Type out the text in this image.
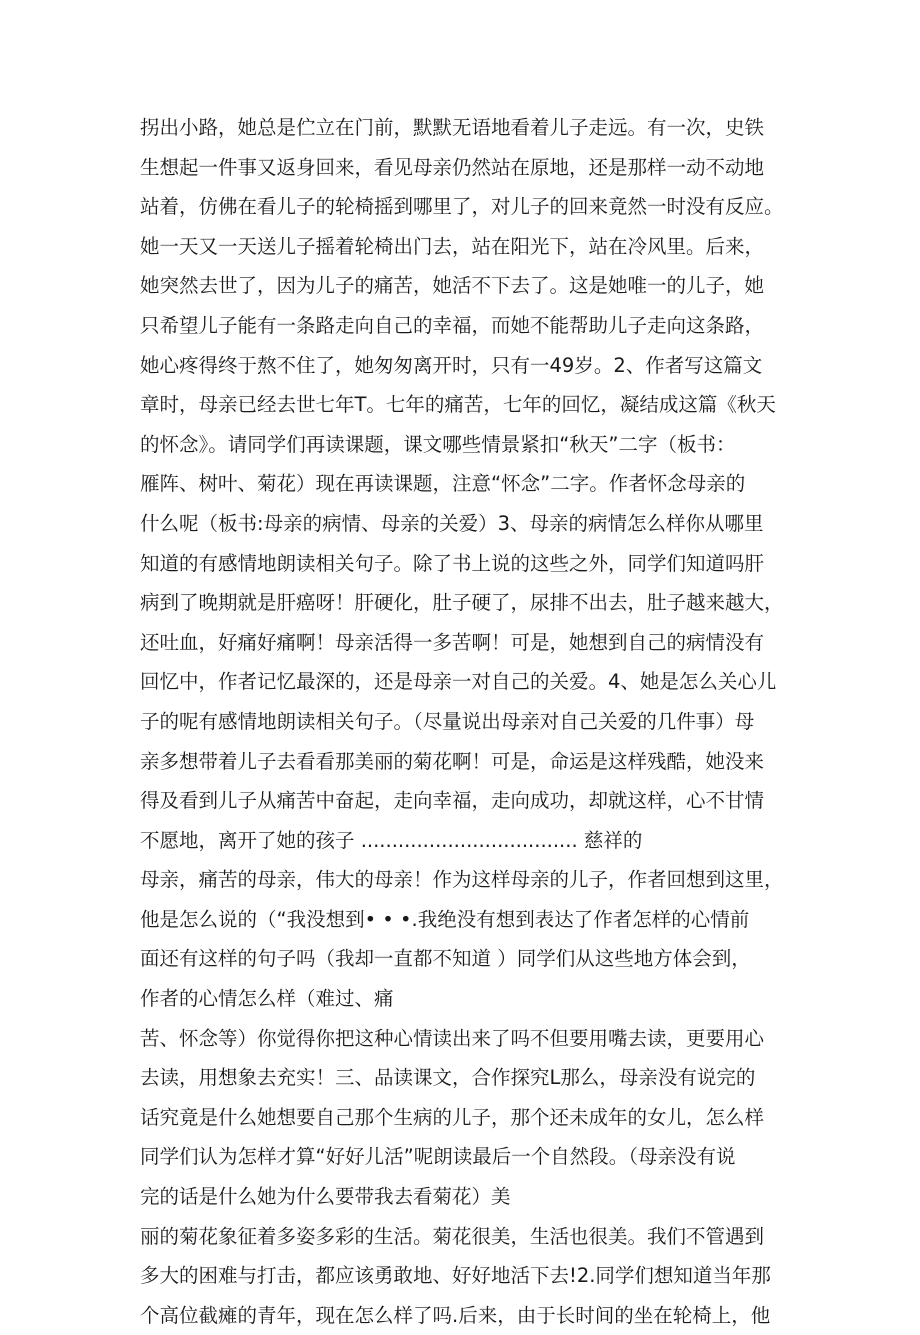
拐出小路，她总是伫立在门前，默默无语地看着儿子走远。有一次，史铁
生想起一件事又返身回来，看见母亲仍然站在原地，还是那样一动不动地
站着，仿佛在看儿子的轮椅摇到哪里了，对儿子的回来竟然一时没有反应。
她一天又一天送儿子摇着轮椅出门去，站在阳光下，站在冷风里。后来，
她突然去世了，因为儿子的痛苦，她活不下去了。这是她唯一的儿子，她
只希望儿子能有一条路走向自己的幸福，而她不能帮助儿子走向这条路，
她心疼得终于熬不住了，她匆匆离开时，只有一49岁。2、作者写这篇文
章时，母亲已经去世七年T。七年的痛苦，七年的回忆，凝结成这篇《秋天
的怀念》。请同学们再读课题，课文哪些情景紧扣“秋天”二字（板书：
雁阵、树叶、菊花）现在再读课题，注意“怀念”二字。作者怀念母亲的
什么呢（板书:母亲的病情、母亲的关爱）3、母亲的病情怎么样你从哪里
知道的有感情地朗读相关句子。除了书上说的这些之外，同学们知道吗肝
病到了晚期就是肝癌呀！肝硬化，肚子硬了，尿排不出去，肚子越来越大，
还吐血，好痛好痛啊！母亲活得一多苦啊！可是，她想到自己的病情没有
回忆中，作者记忆最深的，还是母亲一对自己的关爱。4、她是怎么关心儿
子的呢有感情地朗读相关句子。（尽量说出母亲对自己关爱的几件事）母
亲多想带着儿子去看看那美丽的菊花啊！可是，命运是这样残酷，她没来
得及看到儿子从痛苦中奋起，走向幸福，走向成功，却就这样，心不甘情
不愿地，离开了她的孩子 ................................... 慈祥的
母亲，痛苦的母亲，伟大的母亲！作为这样母亲的儿子，作者回想到这里，
他是怎么说的（“我没想到• • •.我绝没有想到表达了作者怎样的心情前
面还有这样的句子吗（我却一直都不知道 ）同学们从这些地方体会到，
作者的心情怎么样（难过、痛
苦、怀念等）你觉得你把这种心情读出来了吗不但要用嘴去读，更要用心
去读，用想象去充实！三、品读课文，合作探究L那么，母亲没有说完的
话究竟是什么她想要自己那个生病的儿子，那个还未成年的女儿，怎么样
同学们认为怎样才算“好好儿活”呢朗读最后一个自然段。（母亲没有说
完的话是什么她为什么要带我去看菊花）美
丽的菊花象征着多姿多彩的生活。菊花很美，生活也很美。我们不管遇到
多大的困难与打击，都应该勇敢地、好好地活下去!2.同学们想知道当年那
个高位截瘫的青年，现在怎么样了吗.后来，由于长时间的坐在轮椅上，他
